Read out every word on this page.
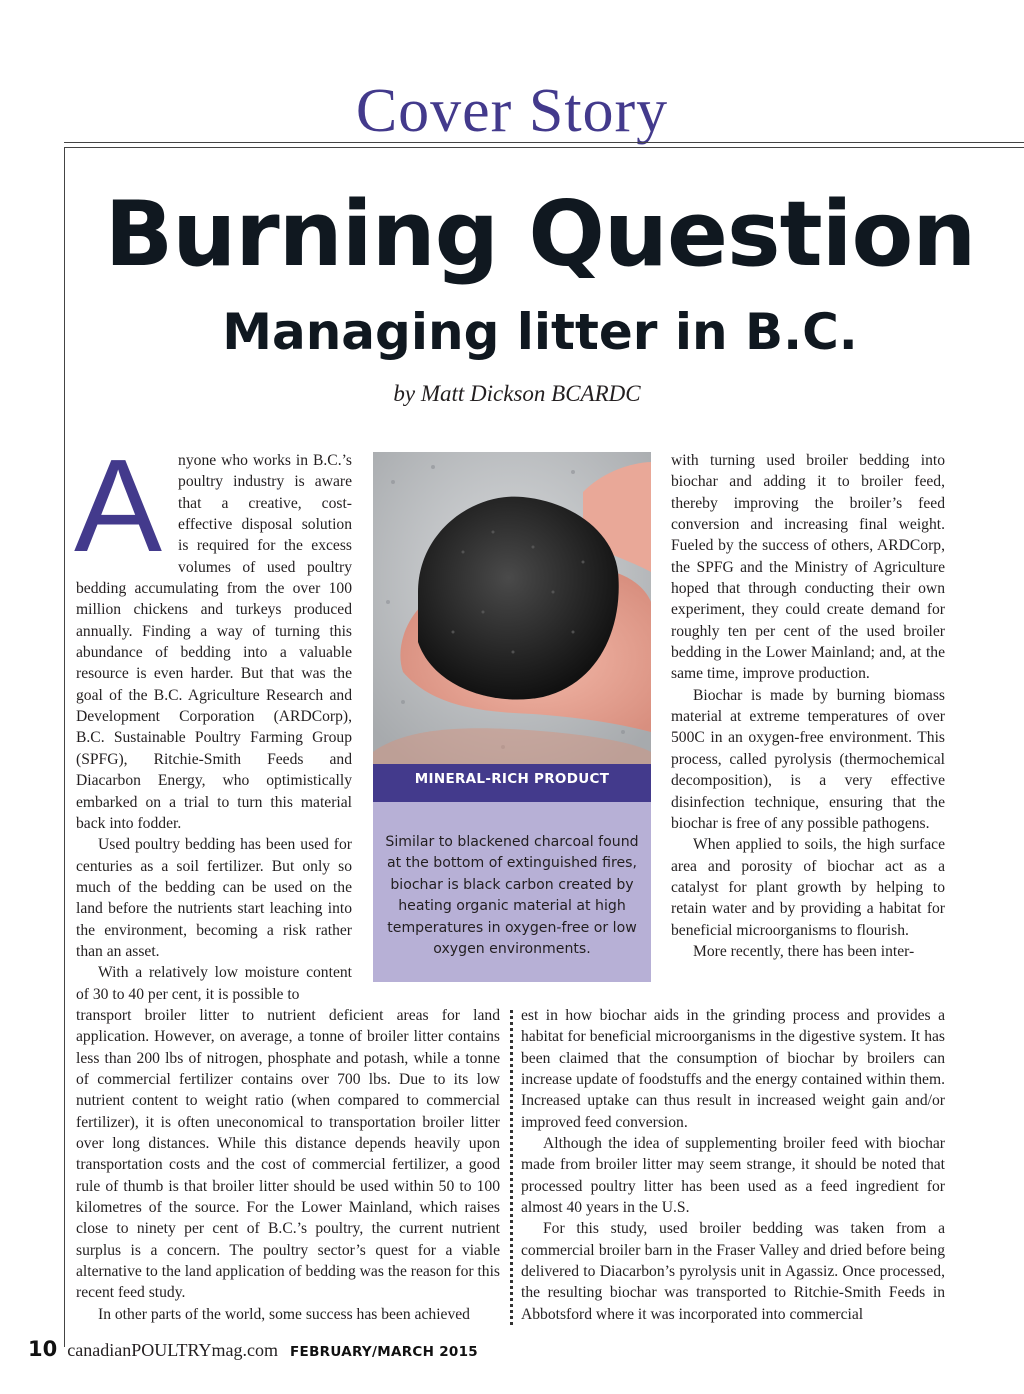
Cover Story
Burning Question
Managing litter in B.C.
by Matt Dickson BCARDC
A	nyone who works in B.C.’s poultry industry is aware that a creative, cost-effective disposal solution is required for the excess volumes of used poultry bedding accumulating from the over 100 million chickens and turkeys produced annually. Finding a way of turning this abundance of bedding into a valuable resource is even harder. But that was the goal of the B.C. Agriculture Research and Development Corporation (ARDCorp), B.C. Sustainable Poultry Farming Group (SPFG), Ritchie-Smith Feeds and Diacarbon Energy, who optimistically embarked on a trial to turn this material back into fodder.

Used poultry bedding has been used for centuries as a soil fertilizer. But only so much of the bedding can be used on the land before the nutrients start leaching into the environment, becoming a risk rather than an asset.

With a relatively low moisture content of 30 to 40 per cent, it is possible to

MINERAL-RICH PRODUCT
Similar to blackened charcoal found at the bottom of extinguished fires, biochar is black carbon created by heating organic material at high temperatures in oxygen-free or low oxygen environments.

with turning used broiler bedding into biochar and adding it to broiler feed, thereby improving the broiler’s feed conversion and increasing final weight. Fueled by the success of others, ARDCorp, the SPFG and the Ministry of Agriculture hoped that through conducting their own experiment, they could create demand for roughly ten per cent of the used broiler bedding in the Lower Mainland; and, at the same time, improve production.

Biochar is made by burning biomass material at extreme temperatures of over 500C in an oxygen-free environment. This process, called pyrolysis (thermochemical decomposition), is a very effective disinfection technique, ensuring that the biochar is free of any possible pathogens.

When applied to soils, the high surface area and porosity of biochar act as a catalyst for plant growth by helping to retain water and by providing a habitat for beneficial microorganisms to flourish.

More recently, there has been inter-

transport broiler litter to nutrient deficient areas for land application. However, on average, a tonne of broiler litter contains less than 200 lbs of nitrogen, phosphate and potash, while a tonne of commercial fertilizer contains over 700 lbs. Due to its low nutrient content to weight ratio (when compared to commercial fertilizer), it is often uneconomical to transportation broiler litter over long distances. While this distance depends heavily upon transportation costs and the cost of commercial fertilizer, a good rule of thumb is that broiler litter should be used within 50 to 100 kilometres of the source. For the Lower Mainland, which raises close to ninety per cent of B.C.’s poultry, the current nutrient surplus is a concern. The poultry sector’s quest for a viable alternative to the land application of bedding was the reason for this recent feed study.

In other parts of the world, some success has been achieved

est in how biochar aids in the grinding process and provides a habitat for beneficial microorganisms in the digestive system. It has been claimed that the consumption of biochar by broilers can increase update of foodstuffs and the energy contained within them. Increased uptake can thus result in increased weight gain and/or improved feed conversion.

Although the idea of supplementing broiler feed with biochar made from broiler litter may seem strange, it should be noted that processed poultry litter has been used as a feed ingredient for almost 40 years in the U.S.

For this study, used broiler bedding was taken from a commercial broiler barn in the Fraser Valley and dried before being delivered to Diacarbon’s pyrolysis unit in Agassiz. Once processed, the resulting biochar was transported to Ritchie-Smith Feeds in Abbotsford where it was incorporated into commercial

10 canadianPOULTRYmag.com FEBRUARY/MARCH 2015
